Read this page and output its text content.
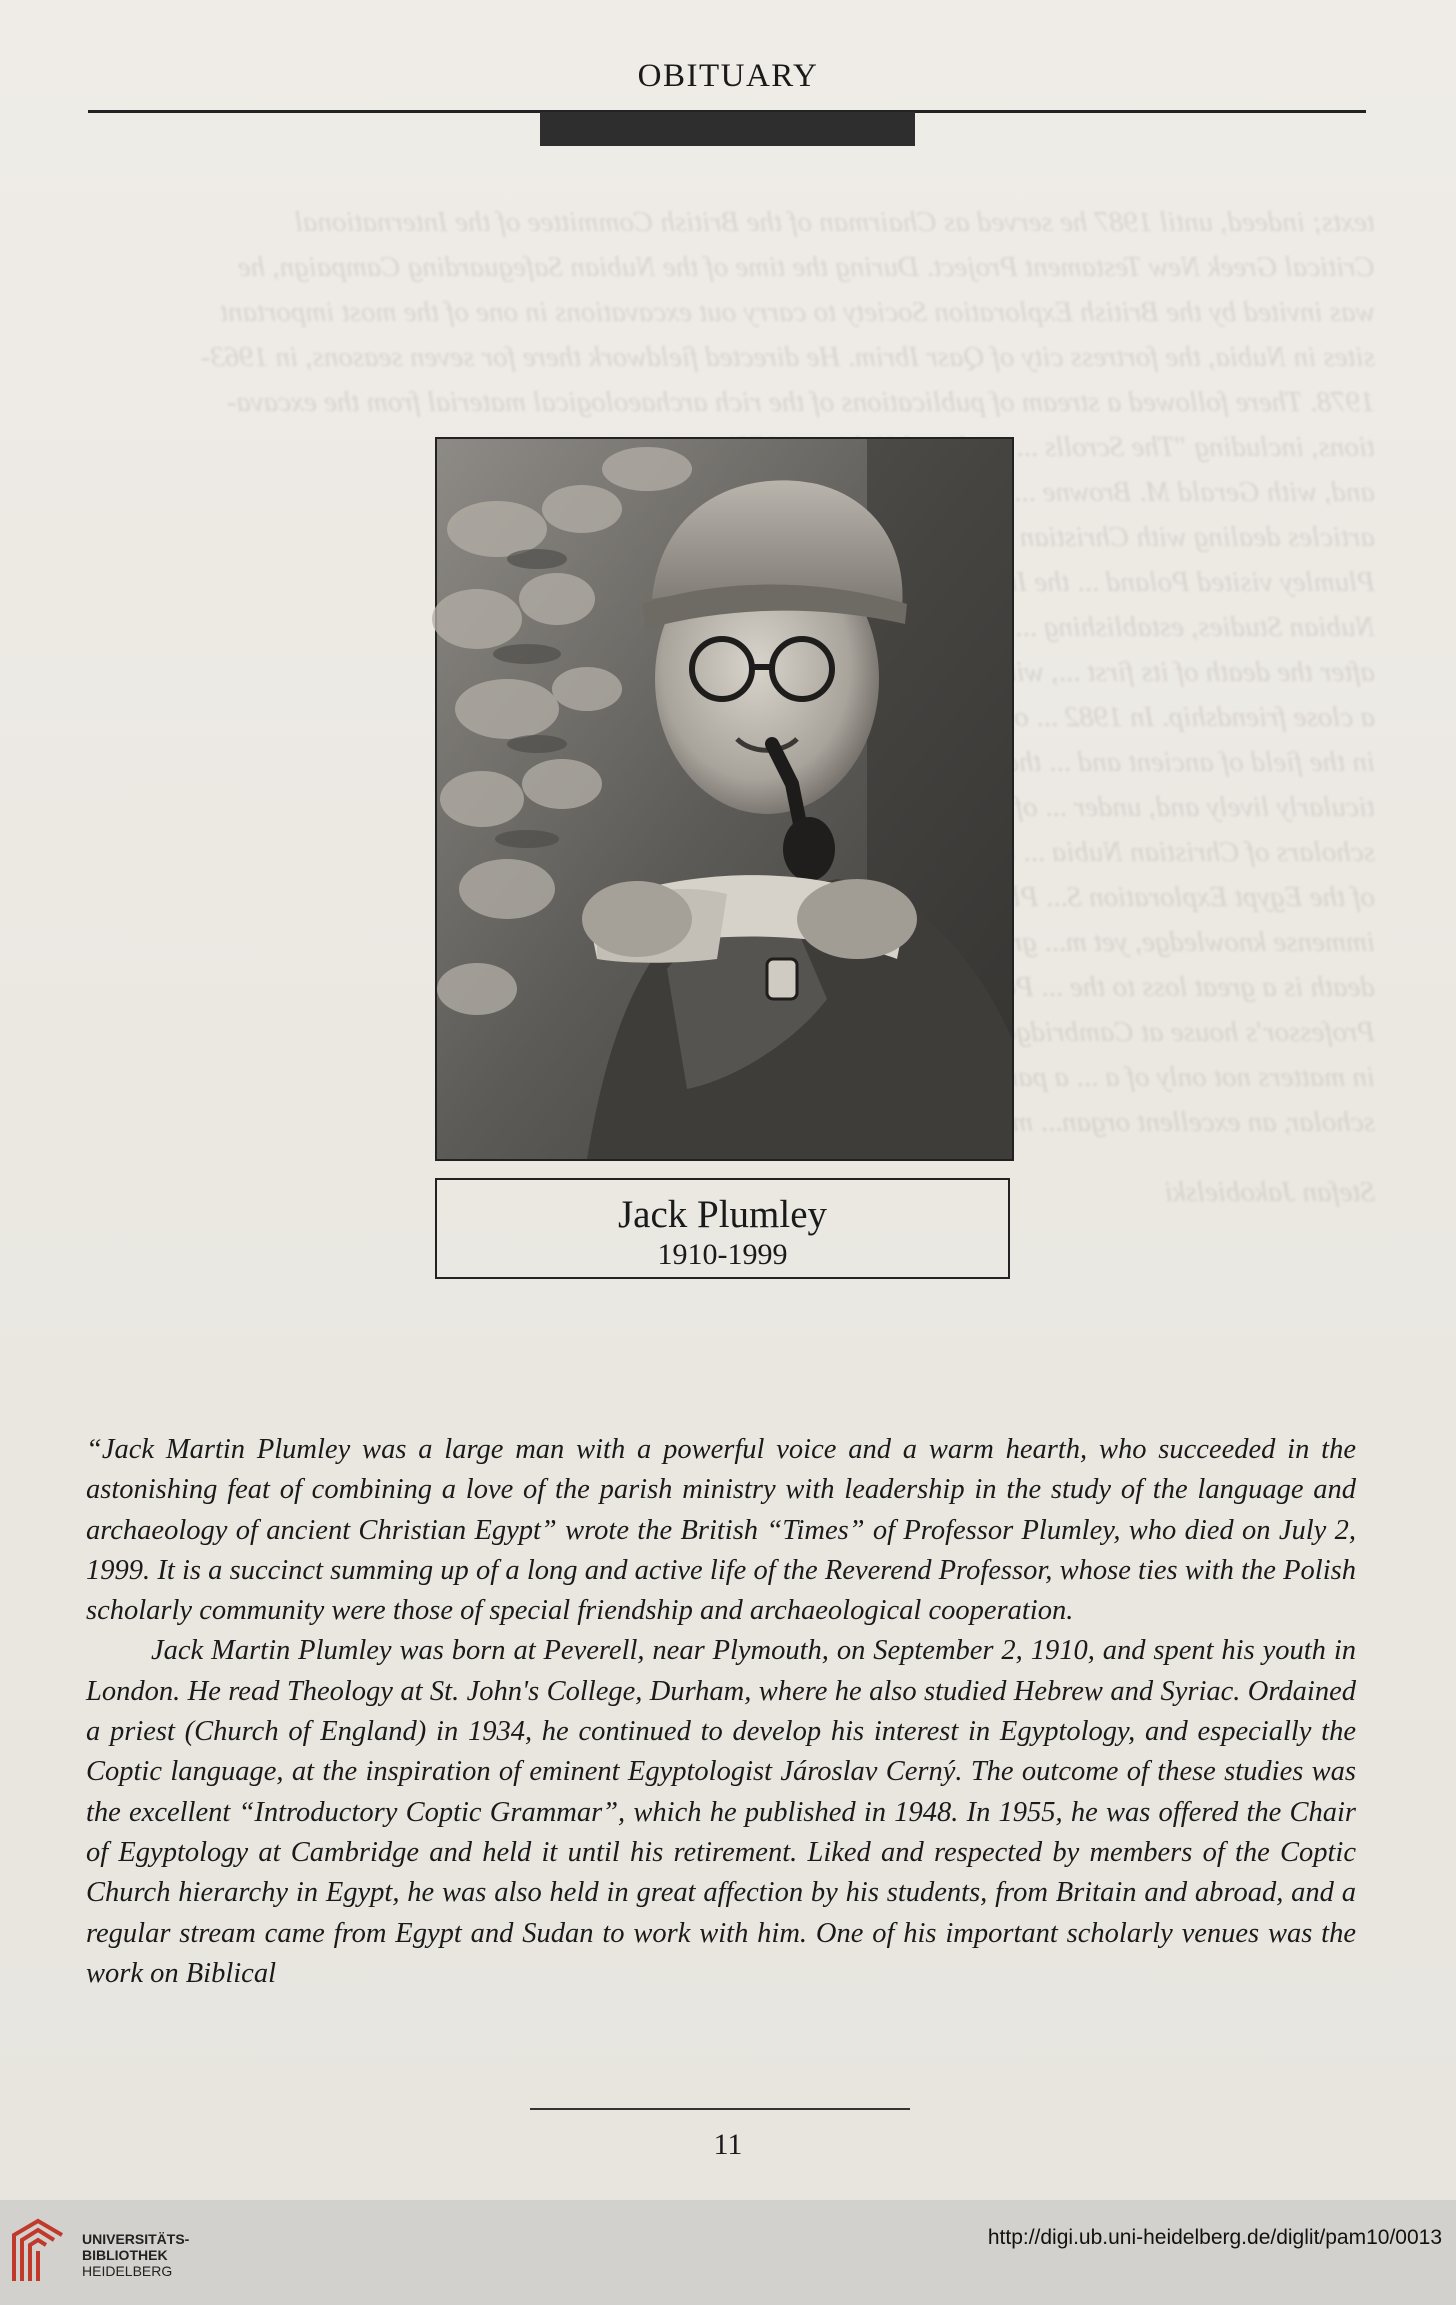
texts; indeed, until 1987 he served as Chairman of the British Committee of the International
Critical Greek New Testament Project. During the time of the Nubian Safeguarding Campaign, he
was invited by the British Exploration Society to carry out excavations in one of the most important
sites in Nubia, the fortress city of Qasr Ibrim. He directed fieldwork there for seven seasons, in 1963-
1978. There followed a stream of publications of the rich archaeological material from the excava-
tions, including "The Scrolls ... medieval Nubian (1975)
and, with Gerald M. Browne ... 1987, as well as numerous
articles dealing with Christian ...
Plumley visited Poland ... the International Society of
Nubian Studies, establishing ... of President of the Society
after the death of its first ..., with whom he had had
a close friendship. In 1982 ... of his accomplishments
in the field of ancient and ... that our contacts were par-
ticularly lively and, under ... of Archaeology, Polish
scholars of Christian Nubia ... to participate in the work
of the Egypt Exploration S... Plumley to be a man of
immense knowledge, yet m... great sense of humor. His
death is a great loss to the ... Polish scholars, for whom the
Professor's house at Cambridge ... on his help and advice
in matters not only of a ... a paradigm of a reliable
scholar, an excellent organ... man.
Stefan Jakobielski
OBITUARY
Jack Plumley
1910-1999

“Jack Martin Plumley was a large man with a powerful voice and a warm hearth, who succeeded in the astonishing feat of combining a love of the parish ministry with leadership in the study of the language and archaeology of ancient Christian Egypt” wrote the British “Times” of Professor Plumley, who died on July 2, 1999. It is a succinct summing up of a long and active life of the Reverend Professor, whose ties with the Polish scholarly community were those of special friendship and archaeological cooperation.

Jack Martin Plumley was born at Peverell, near Plymouth, on September 2, 1910, and spent his youth in London. He read Theology at St. John's College, Durham, where he also studied Hebrew and Syriac. Ordained a priest (Church of England) in 1934, he continued to develop his interest in Egyptology, and especially the Coptic language, at the inspiration of eminent Egyptologist Jároslav Cerný. The outcome of these studies was the excellent “Introductory Coptic Grammar”, which he published in 1948. In 1955, he was offered the Chair of Egyptology at Cambridge and held it until his retirement. Liked and respected by members of the Coptic Church hierarchy in Egypt, he was also held in great affection by his students, from Britain and abroad, and a regular stream came from Egypt and Sudan to work with him. One of his important scholarly venues was the work on Biblical

11
UNIVERSITÄTS-
BIBLIOTHEK
HEIDELBERG
http://digi.ub.uni-heidelberg.de/diglit/pam10/0013
